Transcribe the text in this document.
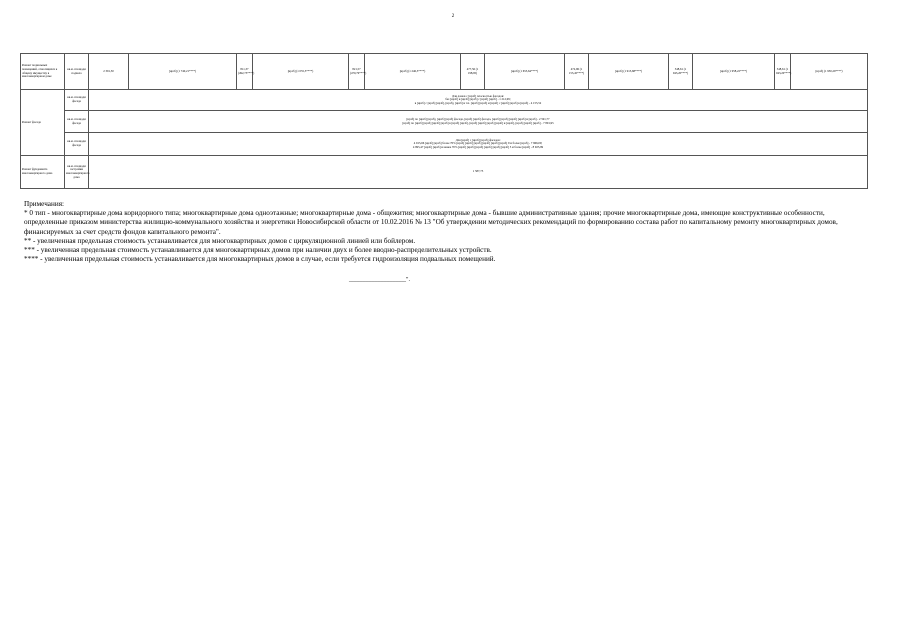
2
Ремонт подвальных помещений, относящихся к общему имуществу в многоквартирном доме	кв.м. площади подвала	2 391,50	[нрзб] (1 740,21****)	811,37 (492,73****)	[нрзб] (1 055,5****)	821,57 (470,79****)	[нрзб] (1 246,5****)	477,56 (1 198,95)	[нрзб] (1 653,64****)	472,96 (1 153,45****)	[нрзб] (1 913,68****)	548,61 (1 043,20****)	[нрзб] (1 958,22****)	548,61 (1 043,20****)	[нрзб] (1 930,29****)
Ремонт фасада	кв.м. площади фасада	Для домов с [нрзб] плоскостью фасадов:
без [нрзб] и [нрзб] [нрзб] с [нрзб] [нрзб] - 1 212,99;
в [нрзб] с [нрзб] [нрзб], [нрзб], [нрзб] и т.п. [нрзб] [нрзб] и [нрзб] с [нрзб] [нрзб] в [нрзб] - 4 155,52													

	кв.м. площади фасада	[нрзб] по [нрзб] [нрзб], [нрзб] [нрзб] фасада, [нрзб] [нрзб] фасада, [нрзб] [нрзб] [нрзб] [нрзб] и [нрзб] - 2 591,77
[нрзб] по [нрзб] [нрзб] [нрзб] [нрзб] в [нрзб] [нрзб], [нрзб] [нрзб] [нрзб] [нрзб] и [нрзб], [нрзб] [нрзб] [нрзб] - 7 891,95													

	кв.м. площади фасада	Для [нрзб] с [нрзб] [нрзб] фасадов:
4 915,66 [нрзб] [нрзб] более 70% [нрзб] [нрзб] [нрзб] [нрзб] [нрзб] [нрзб] 9 и более [нрзб] - 7 966,00;
4 995,47 [нрзб] [нрзб] и менее 70% [нрзб] [нрзб] [нрзб] [нрзб] [нрзб] [нрзб] 5 и более [нрзб] - 8 925,99													

Ремонт фундамента многоквартирного дома	кв.м. площади застройки многоквартирного дома	1 587,75													

Примечания:

* 0 тип - многоквартирные дома коридорного типа; многоквартирные дома одноэтажные; многоквартирные дома - общежития; многоквартирные дома - бывшие административные здания; прочие многоквартирные дома, имеющие конструктивные особенности, определенные приказом министерства жилищно-коммунального хозяйства и энергетики Новосибирской области от 10.02.2016 № 13 "Об утверждении методических рекомендаций по формированию состава работ по капитальному ремонту многоквартирных домов, финансируемых за счет средств фондов капитального ремонта".

** - увеличенная предельная стоимость устанавливается для многоквартирных домов с циркуляционной линией или бойлером.

*** - увеличенная предельная стоимость устанавливается для многоквартирных домов при наличии двух и более вводно-распределительных устройств.

**** - увеличенная предельная стоимость устанавливается для многоквартирных домов в случае, если требуется гидроизоляция подвальных помещений.

___________________".
